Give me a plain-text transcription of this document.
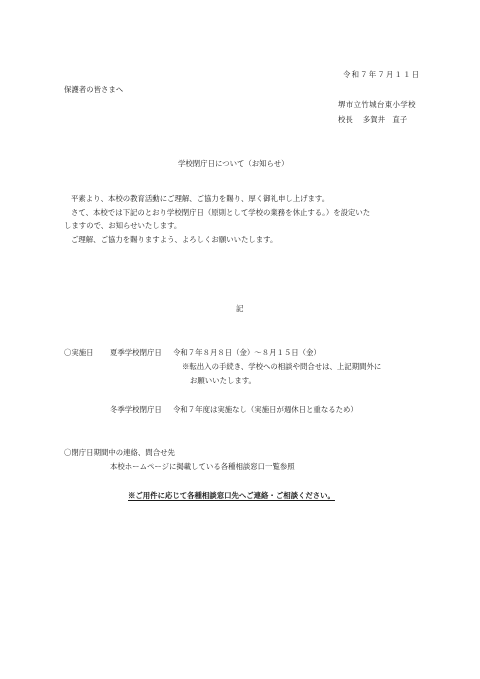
令和７年７月１１日
保護者の皆さまへ
堺市立竹城台東小学校
校長 多賀井　直子
学校閉庁日について（お知らせ）
平素より、本校の教育活動にご理解、ご協力を賜り、厚く御礼申し上げます。
さて、本校では下記のとおり学校閉庁日（原則として学校の業務を休止する。）を設定いた
しますので、お知らせいたします。
ご理解、ご協力を賜りますよう、よろしくお願いいたします。
記
〇実施日 夏季学校閉庁日 令和７年８月８日（金）～８月１５日（金）
※転出入の手続き、学校への相談や問合せは、上記期間外に
お願いいたします。
冬季学校閉庁日 令和７年度は実施なし（実施日が週休日と重なるため）
〇閉庁日期間中の連絡、問合せ先
本校ホームページに掲載している各種相談窓口一覧参照
※ご用件に応じて各種相談窓口先へご連絡・ご相談ください。
